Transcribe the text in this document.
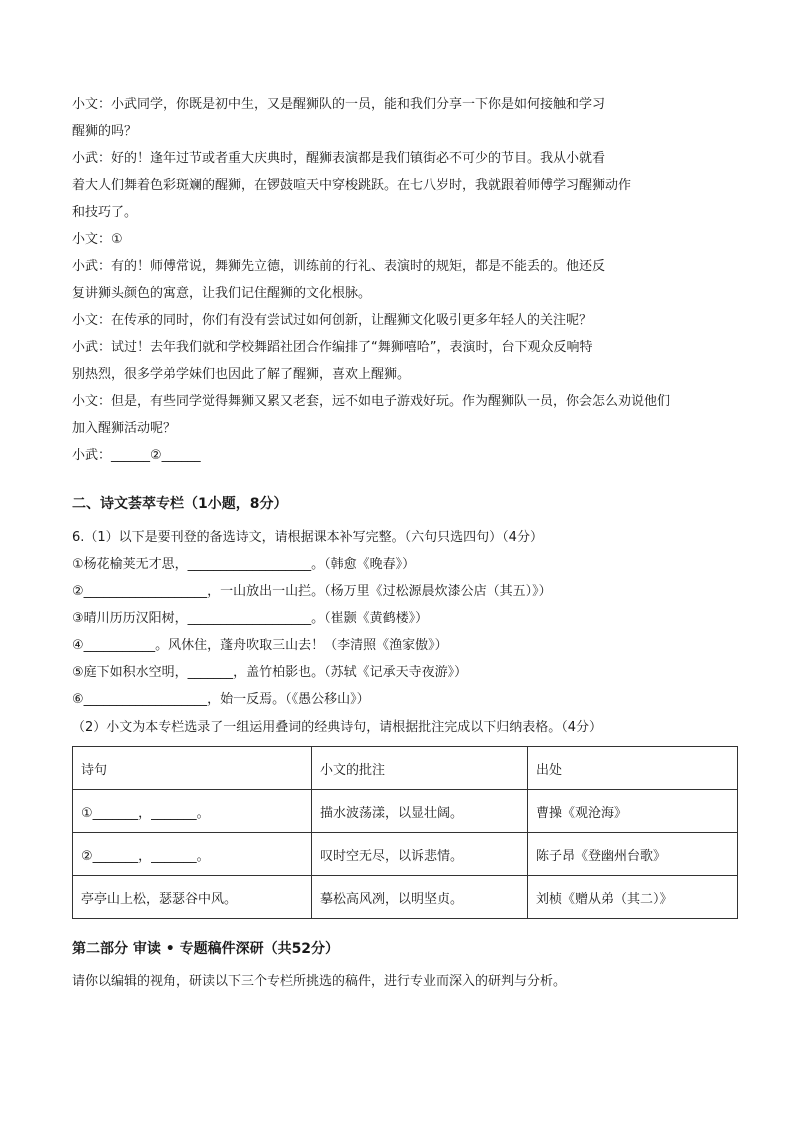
小文：小武同学，你既是初中生，又是醒狮队的一员，能和我们分享一下你是如何接触和学习
醒狮的吗？
小武：好的！逢年过节或者重大庆典时，醒狮表演都是我们镇街必不可少的节目。我从小就看
着大人们舞着色彩斑斓的醒狮，在锣鼓喧天中穿梭跳跃。在七八岁时，我就跟着师傅学习醒狮动作
和技巧了。
小文：①
小武：有的！师傅常说，舞狮先立德，训练前的行礼、表演时的规矩，都是不能丢的。他还反
复讲狮头颜色的寓意，让我们记住醒狮的文化根脉。
小文：在传承的同时，你们有没有尝试过如何创新，让醒狮文化吸引更多年轻人的关注呢？
小武：试过！去年我们就和学校舞蹈社团合作编排了“舞狮嘻哈”，表演时，台下观众反响特
别热烈，很多学弟学妹们也因此了解了醒狮，喜欢上醒狮。
小文：但是，有些同学觉得舞狮又累又老套，远不如电子游戏好玩。作为醒狮队一员，你会怎么劝说他们
加入醒狮活动呢？
小武：______②______
二、诗文荟萃专栏（1小题，8分）
6.（1）以下是要刊登的备选诗文，请根据课本补写完整。（六句只选四句）（4分）
①杨花榆荚无才思，___________________。（韩愈《晚春》）
②___________________，一山放出一山拦。（杨万里《过松源晨炊漆公店（其五）》）
③晴川历历汉阳树，___________________。（崔颢《黄鹤楼》）
④___________。风休住，蓬舟吹取三山去！（李清照《渔家傲》）
⑤庭下如积水空明，_______，盖竹柏影也。（苏轼《记承天寺夜游》）
⑥___________________，始一反焉。（《愚公移山》）
（2）小文为本专栏选录了一组运用叠词的经典诗句，请根据批注完成以下归纳表格。（4分）
诗句	小文的批注	出处
①_______，_______。	描水波荡漾，以显壮阔。	曹操《观沧海》
②_______，_______。	叹时空无尽，以诉悲情。	陈子昂《登幽州台歌》
亭亭山上松，瑟瑟谷中风。	摹松高风冽，以明坚贞。	刘桢《赠从弟（其二）》
第二部分 审读 • 专题稿件深研（共52分）
请你以编辑的视角，研读以下三个专栏所挑选的稿件，进行专业而深入的研判与分析。
